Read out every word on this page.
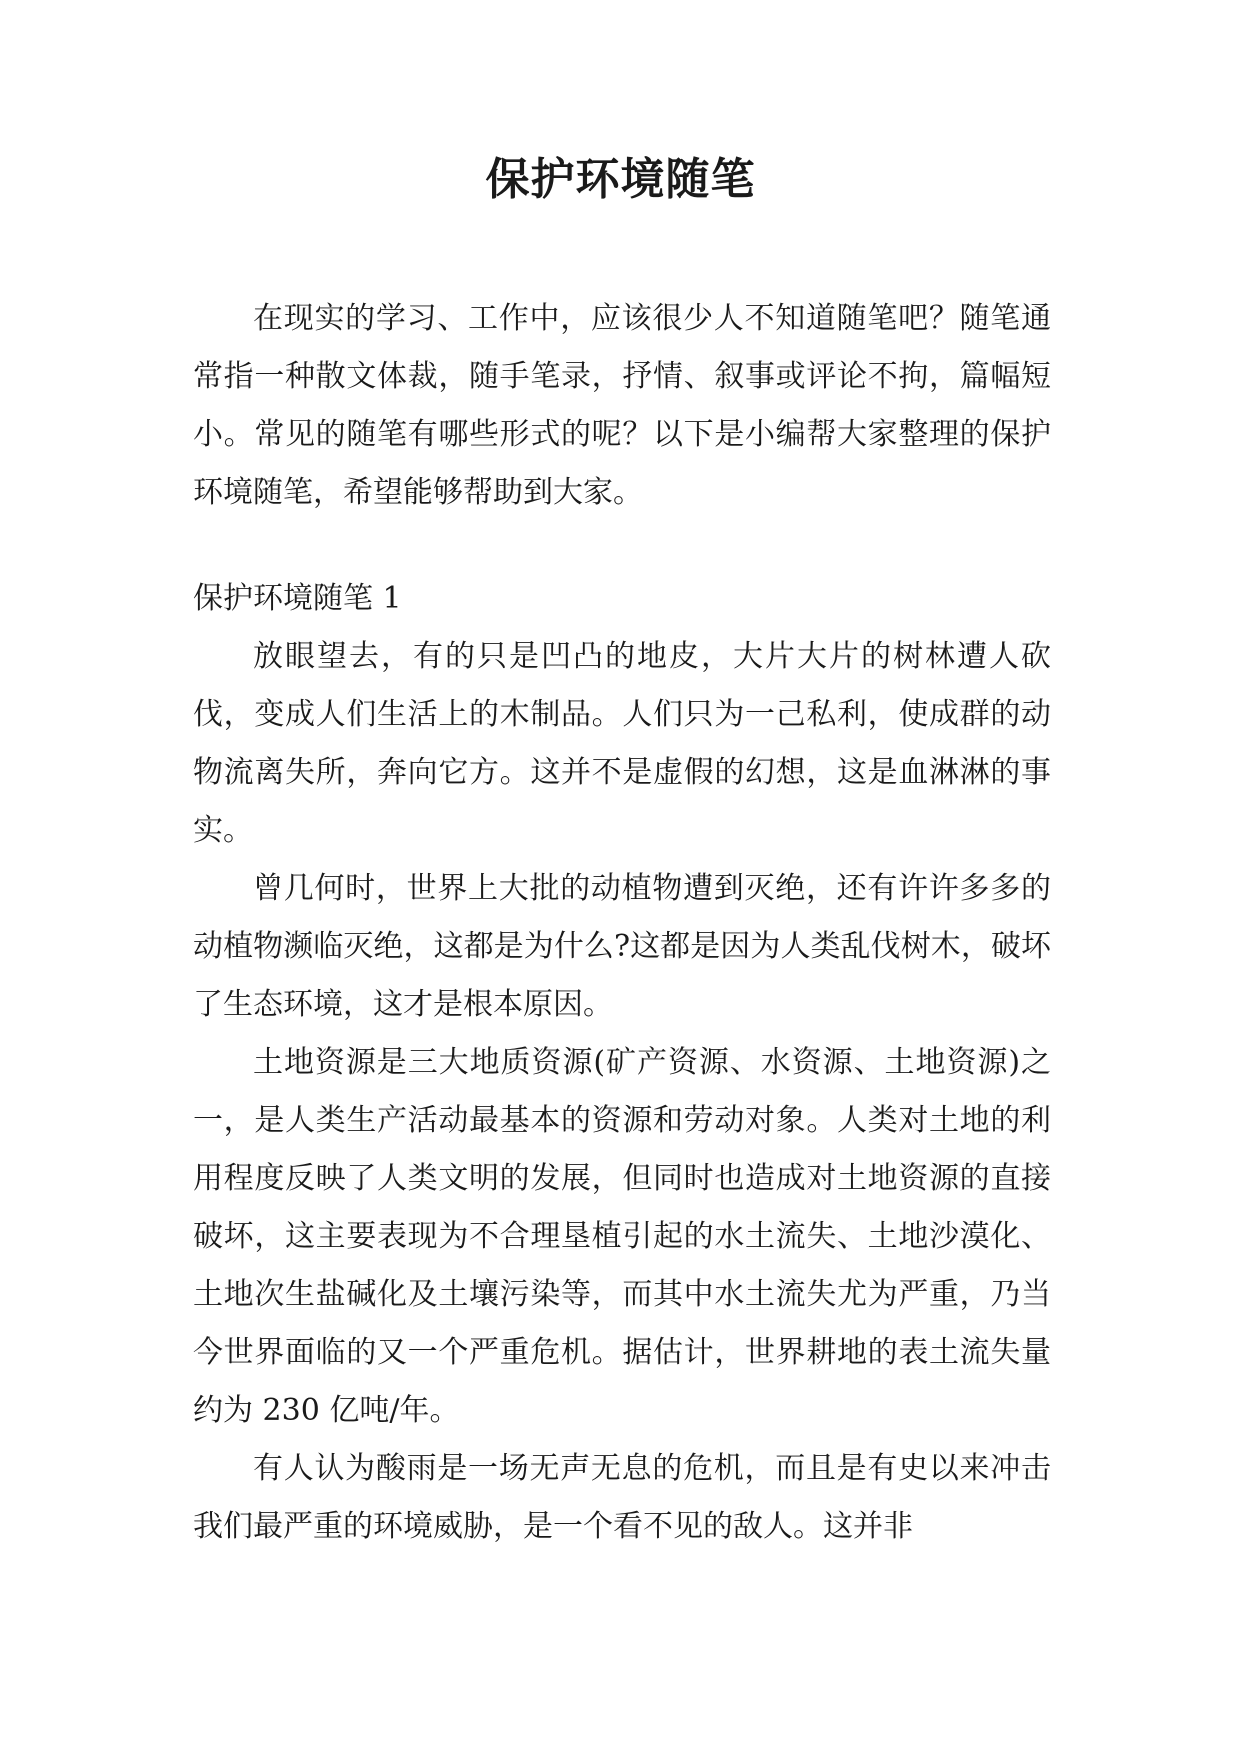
保护环境随笔

在现实的学习、工作中，应该很少人不知道随笔吧？随笔通常指一种散文体裁，随手笔录，抒情、叙事或评论不拘，篇幅短小。常见的随笔有哪些形式的呢？以下是小编帮大家整理的保护环境随笔，希望能够帮助到大家。

保护环境随笔 1

放眼望去，有的只是凹凸的地皮，大片大片的树林遭人砍伐，变成人们生活上的木制品。人们只为一己私利，使成群的动物流离失所，奔向它方。这并不是虚假的幻想，这是血淋淋的事实。

曾几何时，世界上大批的动植物遭到灭绝，还有许许多多的动植物濒临灭绝，这都是为什么?这都是因为人类乱伐树木，破坏了生态环境，这才是根本原因。

土地资源是三大地质资源(矿产资源、水资源、土地资源)之一，是人类生产活动最基本的资源和劳动对象。人类对土地的利用程度反映了人类文明的发展，但同时也造成对土地资源的直接破坏，这主要表现为不合理垦植引起的水土流失、土地沙漠化、土地次生盐碱化及土壤污染等，而其中水土流失尤为严重，乃当今世界面临的又一个严重危机。据估计，世界耕地的表土流失量约为 230 亿吨/年。

有人认为酸雨是一场无声无息的危机，而且是有史以来冲击我们最严重的环境威胁，是一个看不见的敌人。这并非
